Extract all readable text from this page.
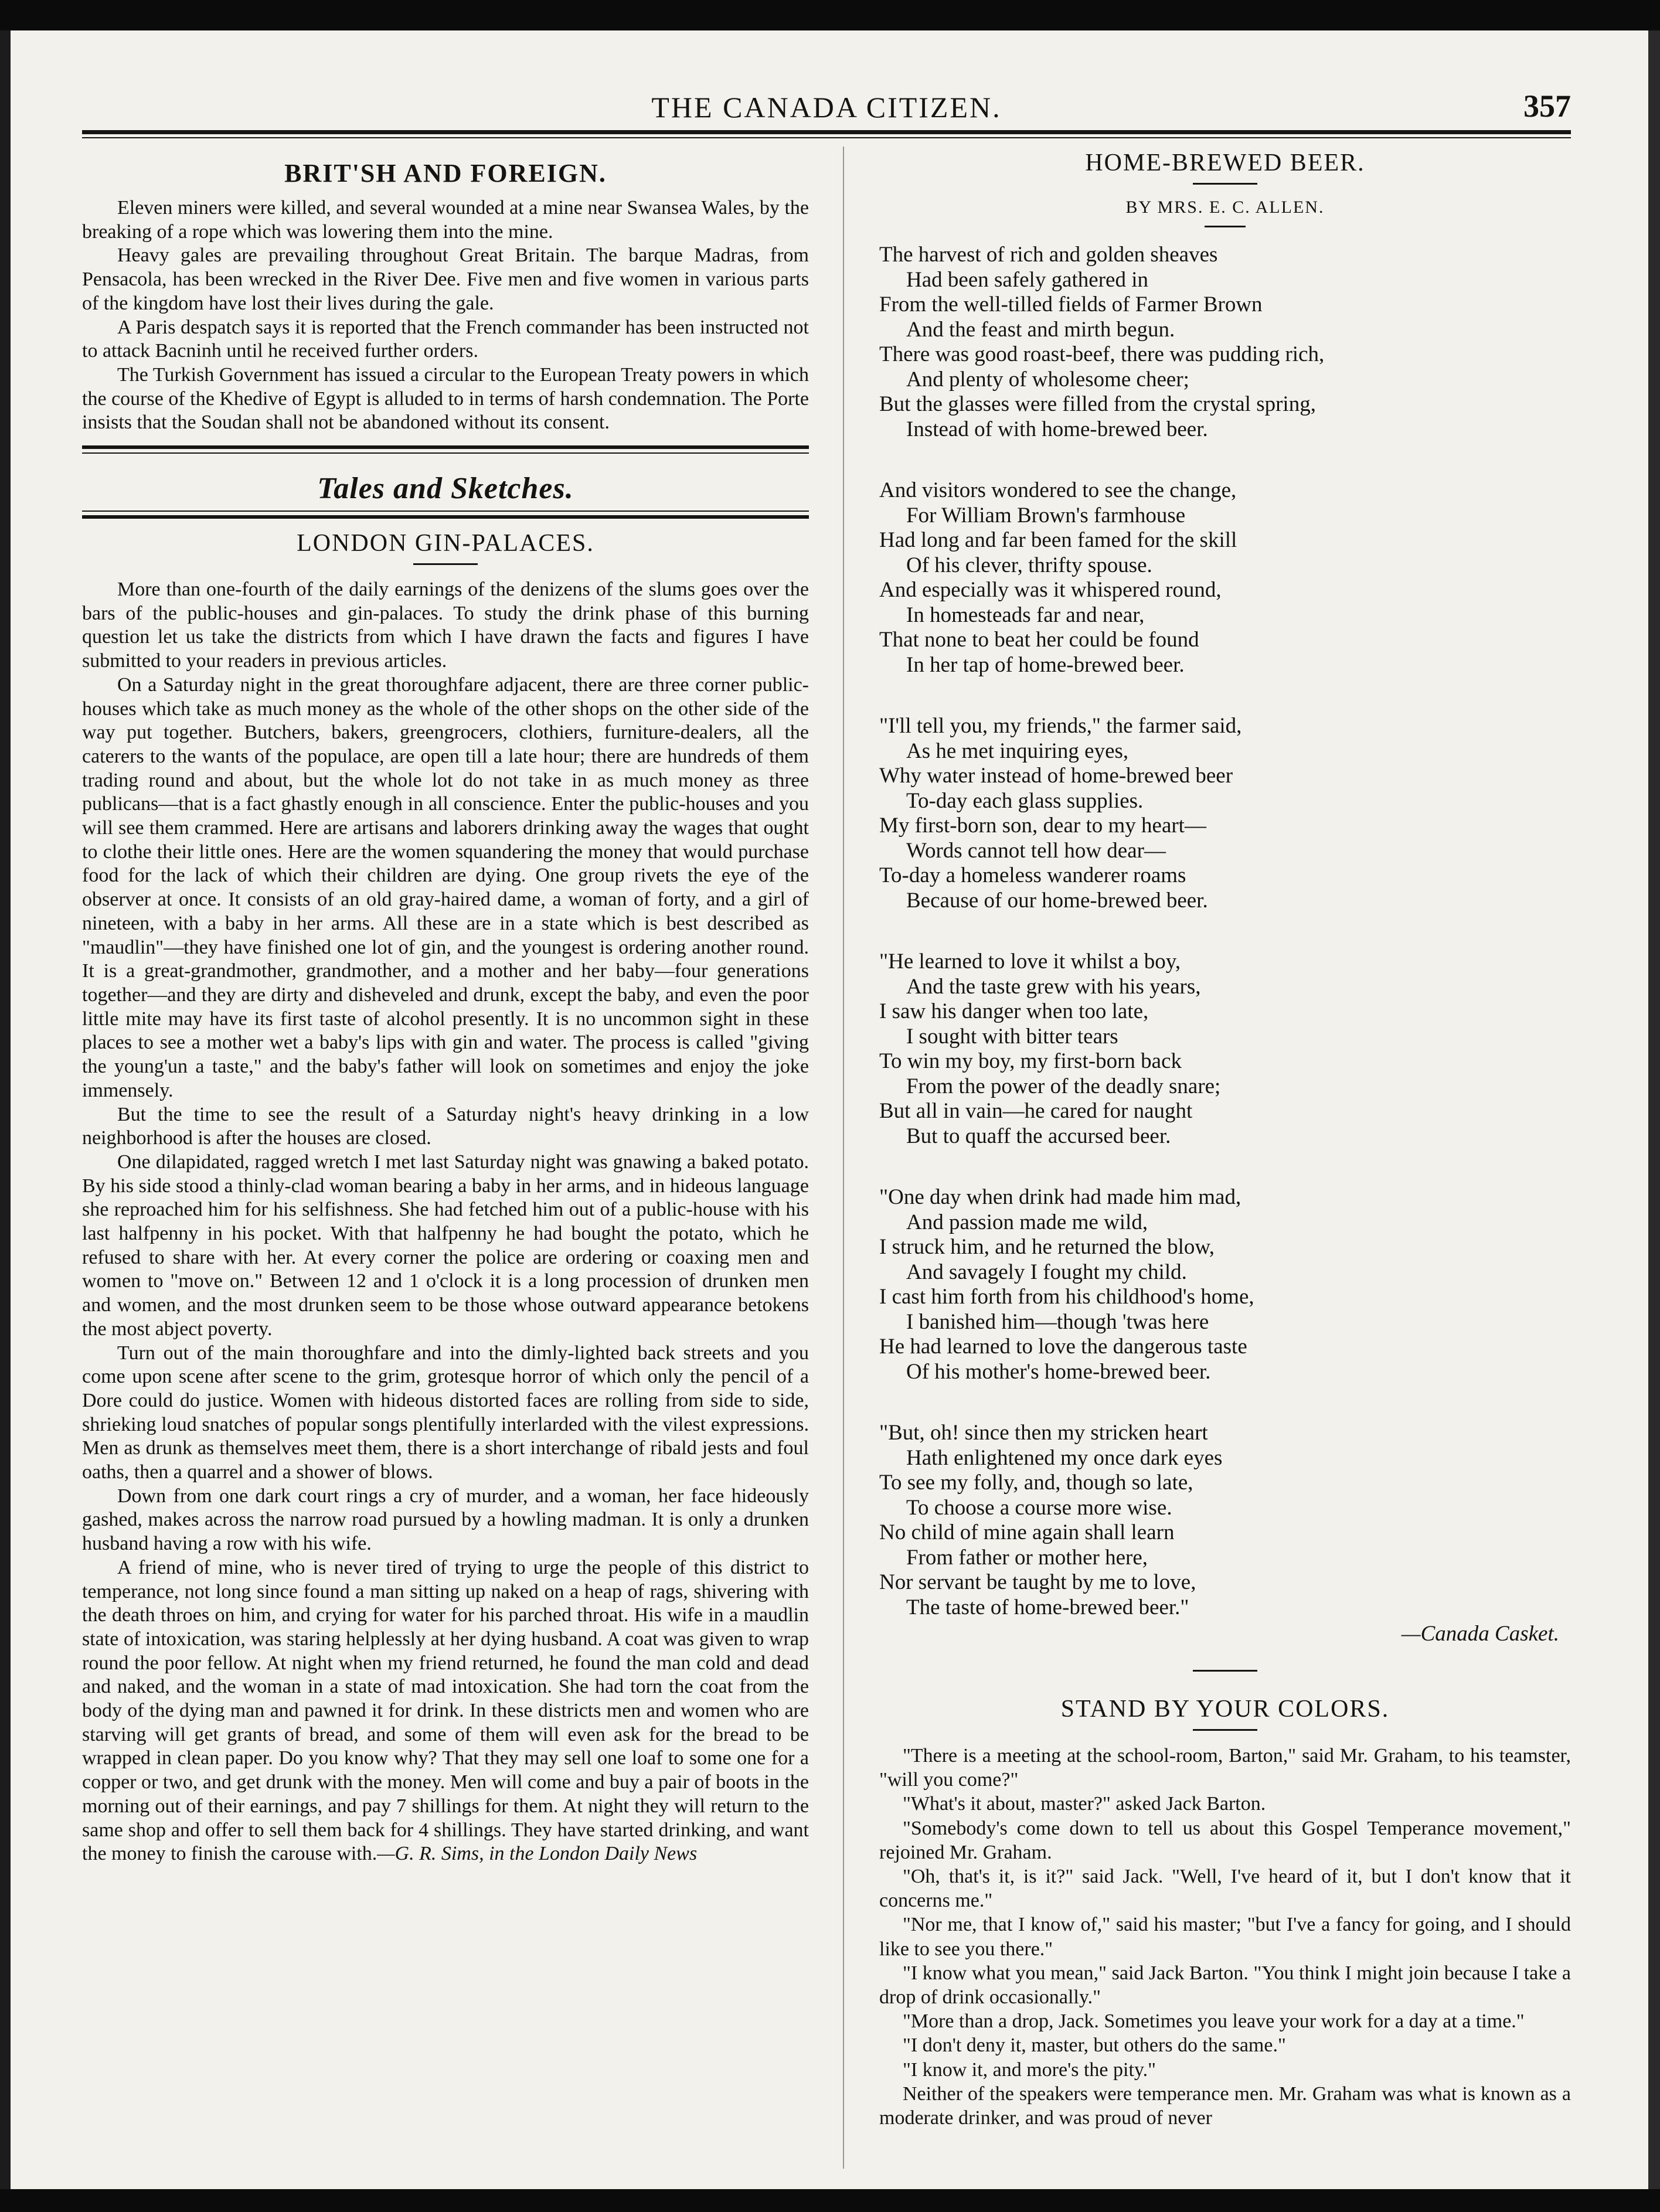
THE CANADA CITIZEN.	357
BRIT'SH AND FOREIGN.

Eleven miners were killed, and several wounded at a mine near Swansea Wales, by the breaking of a rope which was lowering them into the mine.

Heavy gales are prevailing throughout Great Britain. The barque Madras, from Pensacola, has been wrecked in the River Dee. Five men and five women in various parts of the kingdom have lost their lives during the gale.

A Paris despatch says it is reported that the French commander has been instructed not to attack Bacninh until he received further orders.

The Turkish Government has issued a circular to the European Treaty powers in which the course of the Khedive of Egypt is alluded to in terms of harsh condemnation. The Porte insists that the Soudan shall not be abandoned without its consent.

Tales and Sketches.
LONDON GIN-PALACES.

More than one-fourth of the daily earnings of the denizens of the slums goes over the bars of the public-houses and gin-palaces. To study the drink phase of this burning question let us take the districts from which I have drawn the facts and figures I have submitted to your readers in previous articles.

On a Saturday night in the great thoroughfare adjacent, there are three corner public-houses which take as much money as the whole of the other shops on the other side of the way put together. Butchers, bakers, greengrocers, clothiers, furniture-dealers, all the caterers to the wants of the populace, are open till a late hour; there are hundreds of them trading round and about, but the whole lot do not take in as much money as three publicans—that is a fact ghastly enough in all conscience. Enter the public-houses and you will see them crammed. Here are artisans and laborers drinking away the wages that ought to clothe their little ones. Here are the women squandering the money that would purchase food for the lack of which their children are dying. One group rivets the eye of the observer at once. It consists of an old gray-haired dame, a woman of forty, and a girl of nineteen, with a baby in her arms. All these are in a state which is best described as "maudlin"—they have finished one lot of gin, and the youngest is ordering another round. It is a great-grandmother, grandmother, and a mother and her baby—four generations together—and they are dirty and disheveled and drunk, except the baby, and even the poor little mite may have its first taste of alcohol presently. It is no uncommon sight in these places to see a mother wet a baby's lips with gin and water. The process is called "giving the young'un a taste," and the baby's father will look on sometimes and enjoy the joke immensely.

But the time to see the result of a Saturday night's heavy drinking in a low neighborhood is after the houses are closed.

One dilapidated, ragged wretch I met last Saturday night was gnawing a baked potato. By his side stood a thinly-clad woman bearing a baby in her arms, and in hideous language she reproached him for his selfishness. She had fetched him out of a public-house with his last halfpenny in his pocket. With that halfpenny he had bought the potato, which he refused to share with her. At every corner the police are ordering or coaxing men and women to "move on." Between 12 and 1 o'clock it is a long procession of drunken men and women, and the most drunken seem to be those whose outward appearance betokens the most abject poverty.

Turn out of the main thoroughfare and into the dimly-lighted back streets and you come upon scene after scene to the grim, grotesque horror of which only the pencil of a Dore could do justice. Women with hideous distorted faces are rolling from side to side, shrieking loud snatches of popular songs plentifully interlarded with the vilest expressions. Men as drunk as themselves meet them, there is a short interchange of ribald jests and foul oaths, then a quarrel and a shower of blows.

Down from one dark court rings a cry of murder, and a woman, her face hideously gashed, makes across the narrow road pursued by a howling madman. It is only a drunken husband having a row with his wife.

A friend of mine, who is never tired of trying to urge the people of this district to temperance, not long since found a man sitting up naked on a heap of rags, shivering with the death throes on him, and crying for water for his parched throat. His wife in a maudlin state of intoxication, was staring helplessly at her dying husband. A coat was given to wrap round the poor fellow. At night when my friend returned, he found the man cold and dead and naked, and the woman in a state of mad intoxication. She had torn the coat from the body of the dying man and pawned it for drink. In these districts men and women who are starving will get grants of bread, and some of them will even ask for the bread to be wrapped in clean paper. Do you know why? That they may sell one loaf to some one for a copper or two, and get drunk with the money. Men will come and buy a pair of boots in the morning out of their earnings, and pay 7 shillings for them. At night they will return to the same shop and offer to sell them back for 4 shillings. They have started drinking, and want the money to finish the carouse with.—G. R. Sims, in the London Daily News

HOME-BREWED BEER.
BY MRS. E. C. ALLEN.
The harvest of rich and golden sheaves
Had been safely gathered in
From the well-tilled fields of Farmer Brown
And the feast and mirth begun.
There was good roast-beef, there was pudding rich,
And plenty of wholesome cheer;
But the glasses were filled from the crystal spring,
Instead of with home-brewed beer.
And visitors wondered to see the change,
For William Brown's farmhouse
Had long and far been famed for the skill
Of his clever, thrifty spouse.
And especially was it whispered round,
In homesteads far and near,
That none to beat her could be found
In her tap of home-brewed beer.
"I'll tell you, my friends," the farmer said,
As he met inquiring eyes,
Why water instead of home-brewed beer
To-day each glass supplies.
My first-born son, dear to my heart—
Words cannot tell how dear—
To-day a homeless wanderer roams
Because of our home-brewed beer.
"He learned to love it whilst a boy,
And the taste grew with his years,
I saw his danger when too late,
I sought with bitter tears
To win my boy, my first-born back
From the power of the deadly snare;
But all in vain—he cared for naught
But to quaff the accursed beer.
"One day when drink had made him mad,
And passion made me wild,
I struck him, and he returned the blow,
And savagely I fought my child.
I cast him forth from his childhood's home,
I banished him—though 'twas here
He had learned to love the dangerous taste
Of his mother's home-brewed beer.
"But, oh! since then my stricken heart
Hath enlightened my once dark eyes
To see my folly, and, though so late,
To choose a course more wise.
No child of mine again shall learn
From father or mother here,
Nor servant be taught by me to love,
The taste of home-brewed beer."
—Canada Casket.
STAND BY YOUR COLORS.

"There is a meeting at the school-room, Barton," said Mr. Graham, to his teamster, "will you come?"

"What's it about, master?" asked Jack Barton.

"Somebody's come down to tell us about this Gospel Temperance movement," rejoined Mr. Graham.

"Oh, that's it, is it?" said Jack. "Well, I've heard of it, but I don't know that it concerns me."

"Nor me, that I know of," said his master; "but I've a fancy for going, and I should like to see you there."

"I know what you mean," said Jack Barton. "You think I might join because I take a drop of drink occasionally."

"More than a drop, Jack. Sometimes you leave your work for a day at a time."

"I don't deny it, master, but others do the same."

"I know it, and more's the pity."

Neither of the speakers were temperance men. Mr. Graham was what is known as a moderate drinker, and was proud of never
